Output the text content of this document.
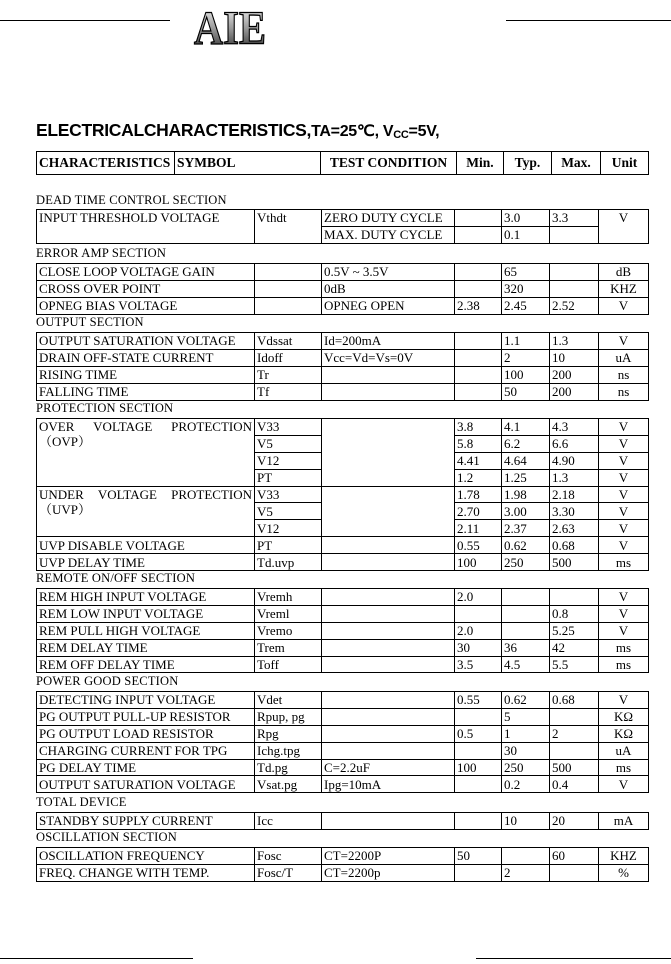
AIE
ELECTRICALCHARACTERISTICS,TA=25℃, $V_{CC}=5V$,
CHARACTERISTICS	SYMBOL	TEST CONDITION	Min.	Typ.	Max.	Unit
DEAD TIME CONTROL SECTION
INPUT THRESHOLD VOLTAGE	Vthdt	ZERO DUTY CYCLE		3.0	3.3	V
		MAX. DUTY CYCLE		0.1		
ERROR AMP SECTION
CLOSE LOOP VOLTAGE GAIN		0.5V ~ 3.5V		65		dB
CROSS OVER POINT		0dB		320		KHZ
OPNEG BIAS VOLTAGE		OPNEG OPEN	2.38	2.45	2.52	V
OUTPUT SECTION
OUTPUT SATURATION VOLTAGE	Vdssat	Id=200mA		1.1	1.3	V
DRAIN OFF-STATE CURRENT	Idoff	Vcc=Vd=Vs=0V		2	10	uA
RISING TIME	Tr			100	200	ns
FALLING TIME	Tf			50	200	ns
PROTECTION SECTION
OVER VOLTAGE PROTECTION
（OVP）	V33		3.8	4.1	4.3	V
	V5		5.8	6.2	6.6	V
	V12		4.41	4.64	4.90	V
	PT		1.2	1.25	1.3	V

UNDER VOLTAGE PROTECTION
（UVP）	V33		1.78	1.98	2.18	V
	V5		2.70	3.00	3.30	V
	V12		2.11	2.37	2.63	V
UVP DISABLE VOLTAGE	PT		0.55	0.62	0.68	V
UVP DELAY TIME	Td.uvp		100	250	500	ms
REMOTE ON/OFF SECTION
REM HIGH INPUT VOLTAGE	Vremh		2.0			V
REM LOW INPUT VOLTAGE	Vreml				0.8	V
REM PULL HIGH VOLTAGE	Vremo		2.0		5.25	V
REM DELAY TIME	Trem		30	36	42	ms
REM OFF DELAY TIME	Toff		3.5	4.5	5.5	ms
POWER GOOD SECTION
DETECTING INPUT VOLTAGE	Vdet		0.55	0.62	0.68	V
PG OUTPUT PULL-UP RESISTOR	Rpup, pg			5		KΩ
PG OUTPUT LOAD RESISTOR	Rpg		0.5	1	2	KΩ
CHARGING CURRENT FOR TPG	Ichg.tpg			30		uA
PG DELAY TIME	Td.pg	C=2.2uF	100	250	500	ms
OUTPUT SATURATION VOLTAGE	Vsat.pg	Ipg=10mA		0.2	0.4	V
TOTAL DEVICE
STANDBY SUPPLY CURRENT	Icc			10	20	mA
OSCILLATION SECTION
OSCILLATION FREQUENCY	Fosc	CT=2200P	50		60	KHZ
FREQ. CHANGE WITH TEMP.	Fosc/T	CT=2200p		2		%
